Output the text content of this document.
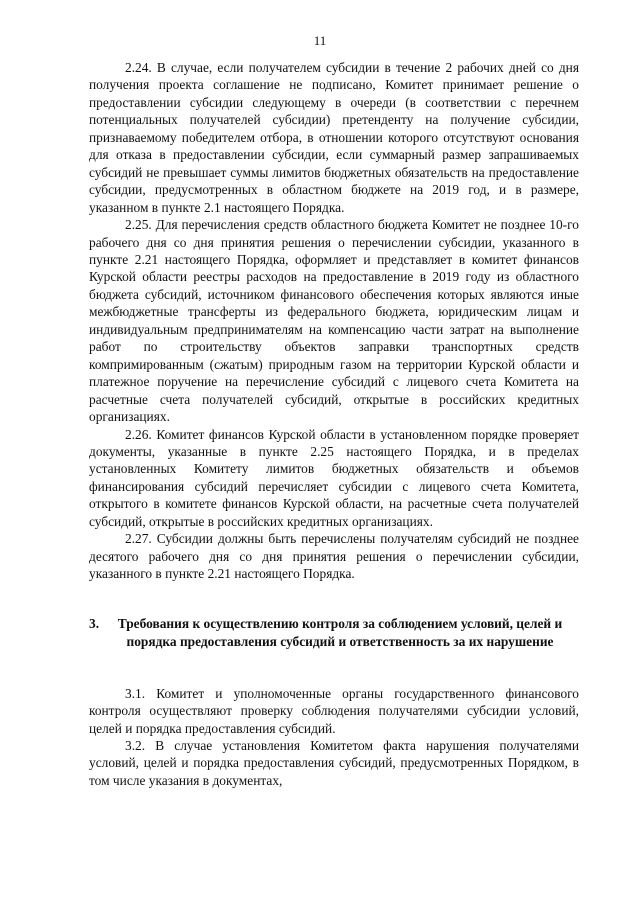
11

2.24. В случае, если получателем субсидии в течение 2 рабочих дней со дня получения проекта соглашение не подписано, Комитет принимает решение о предоставлении субсидии следующему в очереди (в соответствии с перечнем потенциальных получателей субсидии) претенденту на получение субсидии, признаваемому победителем отбора, в отношении которого отсутствуют основания для отказа в предоставлении субсидии, если суммарный размер запрашиваемых субсидий не превышает суммы лимитов бюджетных обязательств на предоставление субсидии, предусмотренных в областном бюджете на 2019 год, и в размере, указанном в пункте 2.1 настоящего Порядка.

2.25. Для перечисления средств областного бюджета Комитет не позднее 10-го рабочего дня со дня принятия решения о перечислении субсидии, указанного в пункте 2.21 настоящего Порядка, оформляет и представляет в комитет финансов Курской области реестры расходов на предоставление в 2019 году из областного бюджета субсидий, источником финансового обеспечения которых являются иные межбюджетные трансферты из федерального бюджета, юридическим лицам и индивидуальным предпринимателям на компенсацию части затрат на выполнение работ по строительству объектов заправки транспортных средств компримированным (сжатым) природным газом на территории Курской области и платежное поручение на перечисление субсидий с лицевого счета Комитета на расчетные счета получателей субсидий, открытые в российских кредитных организациях.

2.26. Комитет финансов Курской области в установленном порядке проверяет документы, указанные в пункте 2.25 настоящего Порядка, и в пределах установленных Комитету лимитов бюджетных обязательств и объемов финансирования субсидий перечисляет субсидии с лицевого счета Комитета, открытого в комитете финансов Курской области, на расчетные счета получателей субсидий, открытые в российских кредитных организациях.

2.27. Субсидии должны быть перечислены получателям субсидий не позднее десятого рабочего дня со дня принятия решения о перечислении субсидии, указанного в пункте 2.21 настоящего Порядка.

3.	Требования к осуществлению контроля за соблюдением условий, целей и порядка предоставления субсидий и ответственность за их нарушение

3.1. Комитет и уполномоченные органы государственного финансового контроля осуществляют проверку соблюдения получателями субсидии условий, целей и порядка предоставления субсидий.

3.2. В случае установления Комитетом факта нарушения получателями условий, целей и порядка предоставления субсидий, предусмотренных Порядком, в том числе указания в документах,
